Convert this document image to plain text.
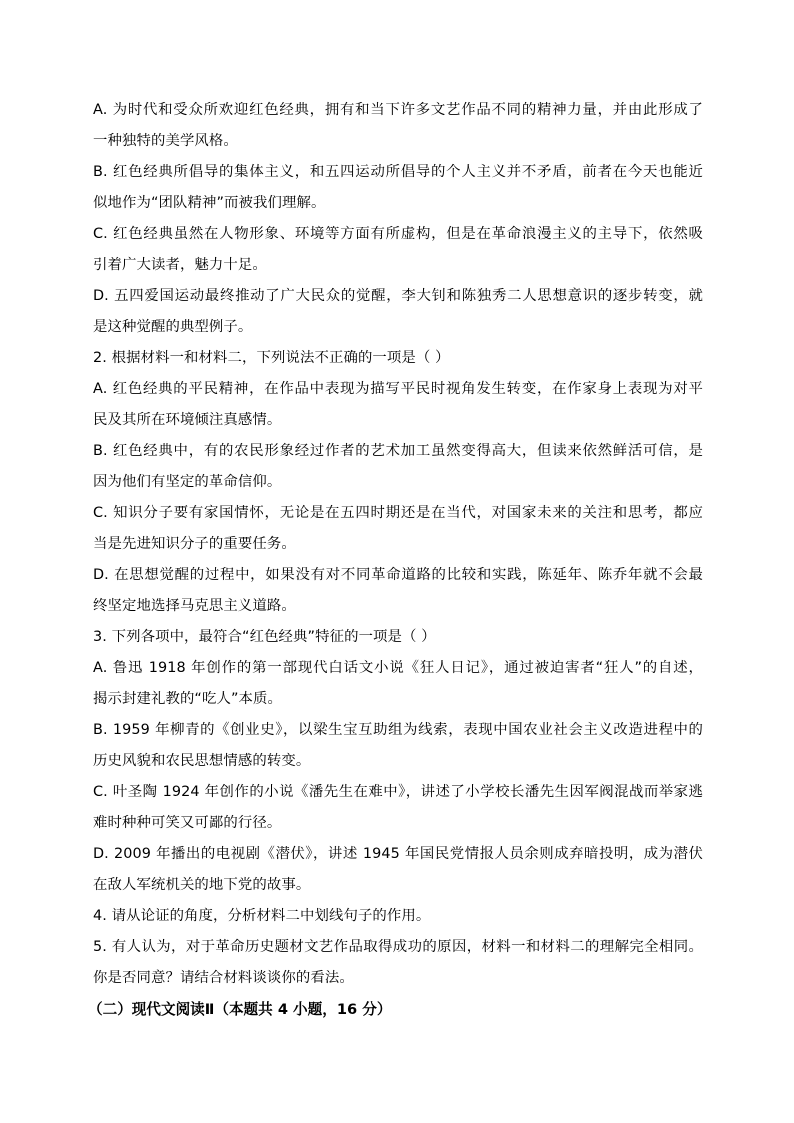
A. 为时代和受众所欢迎红色经典，拥有和当下许多文艺作品不同的精神力量，并由此形成了
一种独特的美学风格。
B. 红色经典所倡导的集体主义，和五四运动所倡导的个人主义并不矛盾，前者在今天也能近
似地作为“团队精神”而被我们理解。
C. 红色经典虽然在人物形象、环境等方面有所虚构，但是在革命浪漫主义的主导下，依然吸
引着广大读者，魅力十足。
D. 五四爱国运动最终推动了广大民众的觉醒，李大钊和陈独秀二人思想意识的逐步转变，就
是这种觉醒的典型例子。
2. 根据材料一和材料二，下列说法不正确的一项是（ ）
A. 红色经典的平民精神，在作品中表现为描写平民时视角发生转变，在作家身上表现为对平
民及其所在环境倾注真感情。
B. 红色经典中，有的农民形象经过作者的艺术加工虽然变得高大，但读来依然鲜活可信，是
因为他们有坚定的革命信仰。
C. 知识分子要有家国情怀，无论是在五四时期还是在当代，对国家未来的关注和思考，都应
当是先进知识分子的重要任务。
D. 在思想觉醒的过程中，如果没有对不同革命道路的比较和实践，陈延年、陈乔年就不会最
终坚定地选择马克思主义道路。
3. 下列各项中，最符合“红色经典”特征的一项是（ ）
A. 鲁迅 1918 年创作的第一部现代白话文小说《狂人日记》，通过被迫害者“狂人”的自述，
揭示封建礼教的“吃人”本质。
B. 1959 年柳青的《创业史》，以梁生宝互助组为线索，表现中国农业社会主义改造进程中的
历史风貌和农民思想情感的转变。
C. 叶圣陶 1924 年创作的小说《潘先生在难中》，讲述了小学校长潘先生因军阀混战而举家逃
难时种种可笑又可鄙的行径。
D. 2009 年播出的电视剧《潜伏》，讲述 1945 年国民党情报人员余则成弃暗投明，成为潜伏
在敌人军统机关的地下党的故事。
4. 请从论证的角度，分析材料二中划线句子的作用。
5. 有人认为，对于革命历史题材文艺作品取得成功的原因，材料一和材料二的理解完全相同。
你是否同意？请结合材料谈谈你的看法。
（二）现代文阅读Ⅱ（本题共 4 小题，16 分）
